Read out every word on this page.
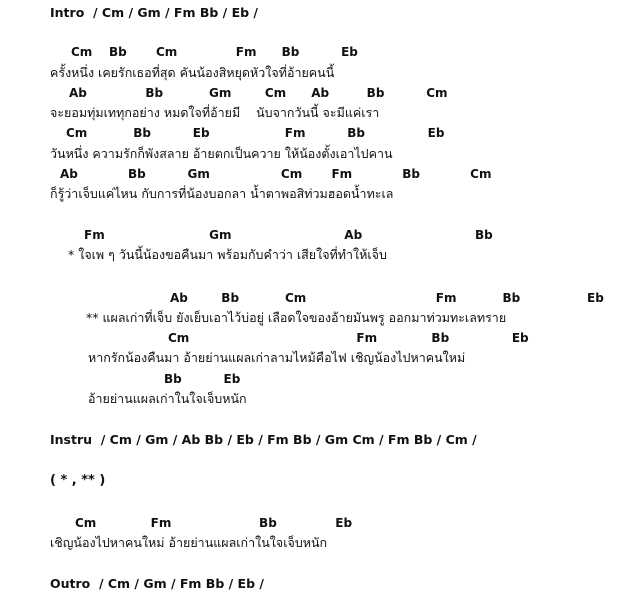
Intro  / Cm / Gm / Fm Bb / Eb /
Cm    Bb       Cm              Fm      Bb          Eb
ครั้งหนึ่ง เคยรักเธอที่สุด คันน้องสิหยุดหัวใจที่อ้ายคนนี้
Ab              Bb           Gm        Cm      Ab         Bb          Cm
จะยอมทุ่มเททุกอย่าง หมดใจที่อ้ายมี    นับจากวันนี้ จะมีแค่เรา
Cm           Bb          Eb                  Fm          Bb               Eb
วันหนึ่ง ความรักก็พังสลาย อ้ายตกเป็นควาย ให้น้องตั้งเอาไปคาน
Ab            Bb          Gm                 Cm       Fm            Bb            Cm
ก็รู้ว่าเจ็บแค่ไหน กับการที่น้องบอกลา น้ำตาพอสิท่วมฮอดน้ำทะเล
Fm                         Gm                           Ab                           Bb
* ใจเพ ๆ วันนี้น้องขอคืนมา พร้อมกับคำว่า เสียใจที่ทำให้เจ็บ
Ab        Bb           Cm                               Fm           Bb                Eb
** แผลเก่าที่เจ็บ ยังเย็บเอาไว้บ่อยู่ เลือดใจของอ้ายมันพรู ออกมาท่วมทะเลทราย
Cm                                        Fm             Bb               Eb
หากรักน้องคืนมา อ้ายย่านแผลเก่าลามไหม้คือไฟ เชิญน้องไปหาคนใหม่
Bb          Eb
อ้ายย่านแผลเก่าในใจเจ็บหนัก
Instru  / Cm / Gm / Ab Bb / Eb / Fm Bb / Gm Cm / Fm Bb / Cm /
( * , ** )
Cm             Fm                     Bb              Eb
เชิญน้องไปหาคนใหม่ อ้ายย่านแผลเก่าในใจเจ็บหนัก
Outro  / Cm / Gm / Fm Bb / Eb /
